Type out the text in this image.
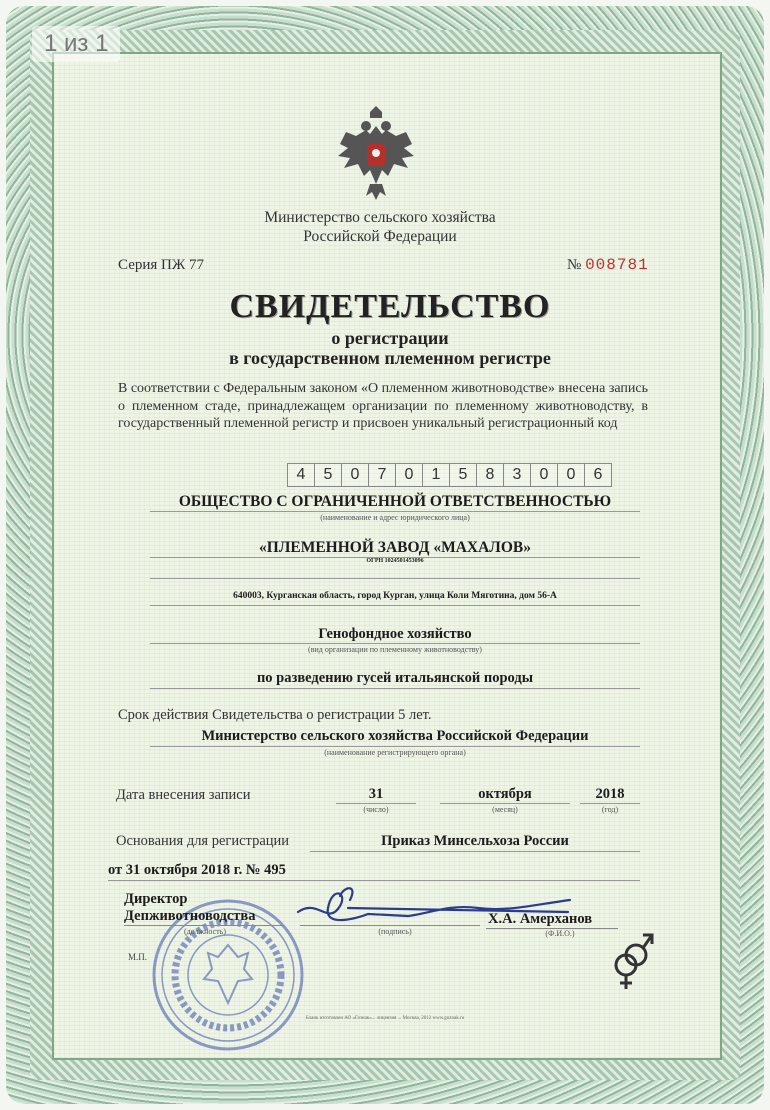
1 из 1
Министерство сельского хозяйства
Российской Федерации
Серия ПЖ 77	№ 008781
СВИДЕТЕЛЬСТВО
о регистрации
в государственном племенном регистре
В соответствии с Федеральным законом «О племенном животноводстве» внесена запись о племенном стаде, принадлежащем организации по племенному животноводству, в государственный племенной регистр и присвоен уникальный регистрационный код
4	5	0	7	0	1	5	8	3	0	0	6
ОБЩЕСТВО С ОГРАНИЧЕННОЙ ОТВЕТСТВЕННОСТЬЮ
(наименование и адрес юридического лица)
«ПЛЕМЕННОЙ ЗАВОД «МАХАЛОВ»
ОГРН 1024501453096
640003, Курганская область, город Курган, улица Коли Мяготина, дом 56-А
Генофондное хозяйство
(вид организации по племенному животноводству)
по разведению гусей итальянской породы
Срок действия Свидетельства о регистрации 5 лет.
Министерство сельского хозяйства Российской Федерации
(наименование регистрирующего органа)
Дата внесения записи	31
(число)
октября
(месяц)
2018
(год)
Основания для регистрации	Приказ Минсельхоза России
от 31 октября 2018 г. № 495
Директор
Депживотноводства
(должность)	(подпись)
Х.А. Амерханов
(Ф.И.О.)
М.П.
Бланк изготовлен АО «Гознак»... лицензия ... Москва, 2012 www.goznak.ru
